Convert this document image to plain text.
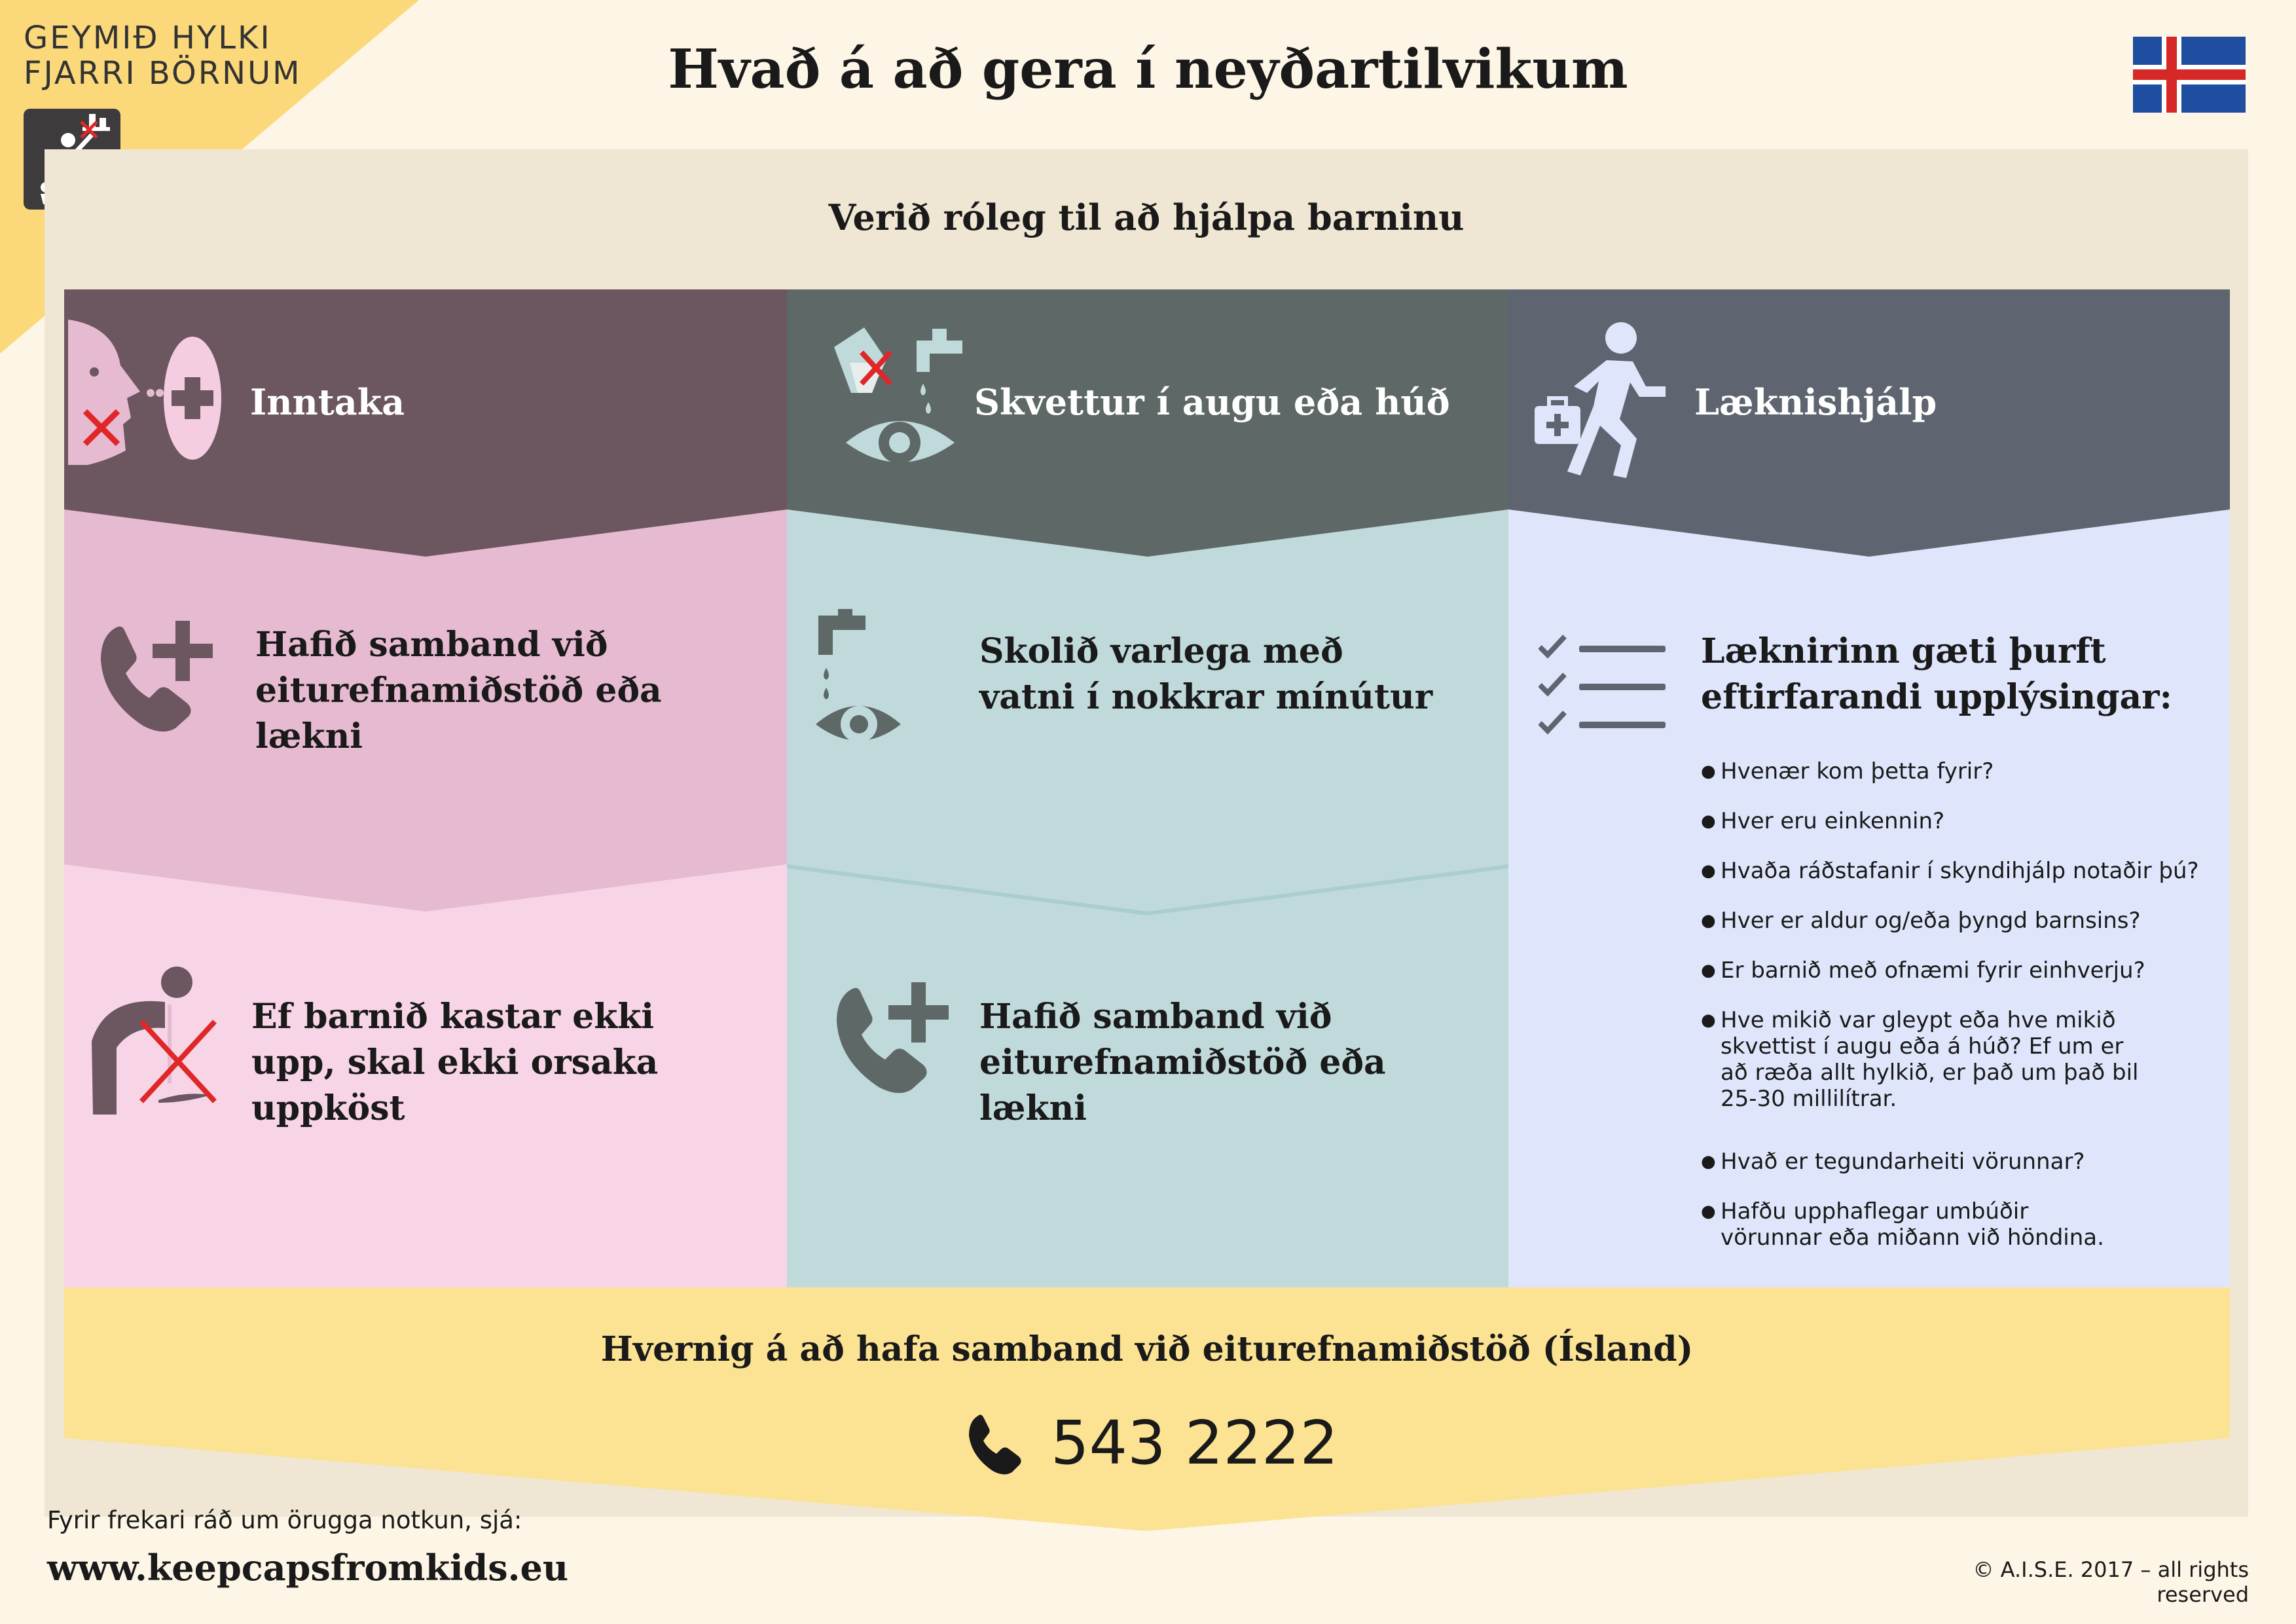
GEYMIÐ HYLKI
FJARRI BÖRNUM	Hvað á að gera í neyðartilvikum
Verið róleg til að hjálpa barninu
Inntaka
Hafið samband við eiturefnamiðstöð eða lækni
Ef barnið kastar ekki upp, skal ekki orsaka uppköst
Skvettur í augu eða húð
Skolið varlega með vatni í nokkrar mínútur
Hafið samband við eiturefnamiðstöð eða lækni
Læknishjálp
Læknirinn gæti þurft eftirfarandi upplýsingar:
● Hvenær kom þetta fyrir?
● Hver eru einkennin?
● Hvaða ráðstafanir í skyndihjálp notaðir þú?
● Hver er aldur og/eða þyngd barnsins?
● Er barnið með ofnæmi fyrir einhverju?
● Hve mikið var gleypt eða hve mikið skvettist í augu eða á húð? Ef um er að ræða allt hylkið, er það um það bil 25-30 millilítrar.
● Hvað er tegundarheiti vörunnar?
● Hafðu upphaflegar umbúðir vörunnar eða miðann við höndina.
Hvernig á að hafa samband við eiturefnamiðstöð (Ísland)
543 2222
Fyrir frekari ráð um örugga notkun, sjá:
www.keepcapsfromkids.eu	© A.I.S.E. 2017 – all rights reserved
